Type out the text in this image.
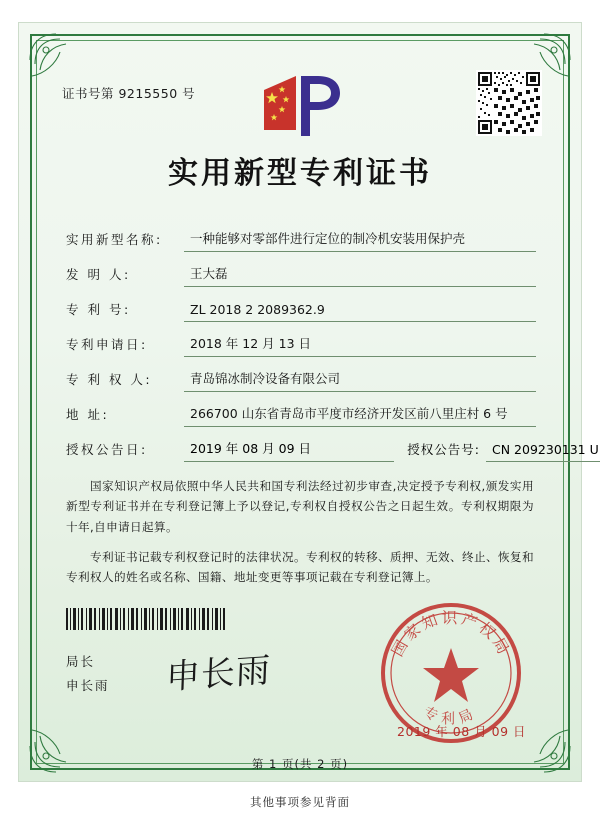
证书号第 9215550 号
实用新型专利证书
实用新型名称:	一种能够对零部件进行定位的制冷机安装用保护壳
发 明 人:	王大磊
专 利 号:	ZL 2018 2 2089362.9
专利申请日:	2018 年 12 月 13 日
专 利 权 人:	青岛锦冰制冷设备有限公司
地 址:	266700 山东省青岛市平度市经济开发区前八里庄村 6 号
授权公告日:	2019 年 08 月 09 日	授权公告号: CN 209230131 U
国家知识产权局依照中华人民共和国专利法经过初步审查,决定授予专利权,颁发实用新型专利证书并在专利登记簿上予以登记,专利权自授权公告之日起生效。专利权期限为十年,自申请日起算。
专利证书记载专利权登记时的法律状况。专利权的转移、质押、无效、终止、恢复和专利权人的姓名或名称、国籍、地址变更等事项记载在专利登记簿上。
局长
申长雨 申长雨
国家知识产权局
专利局
2019 年 08 月 09 日
第 1 页(共 2 页)
其他事项参见背面
